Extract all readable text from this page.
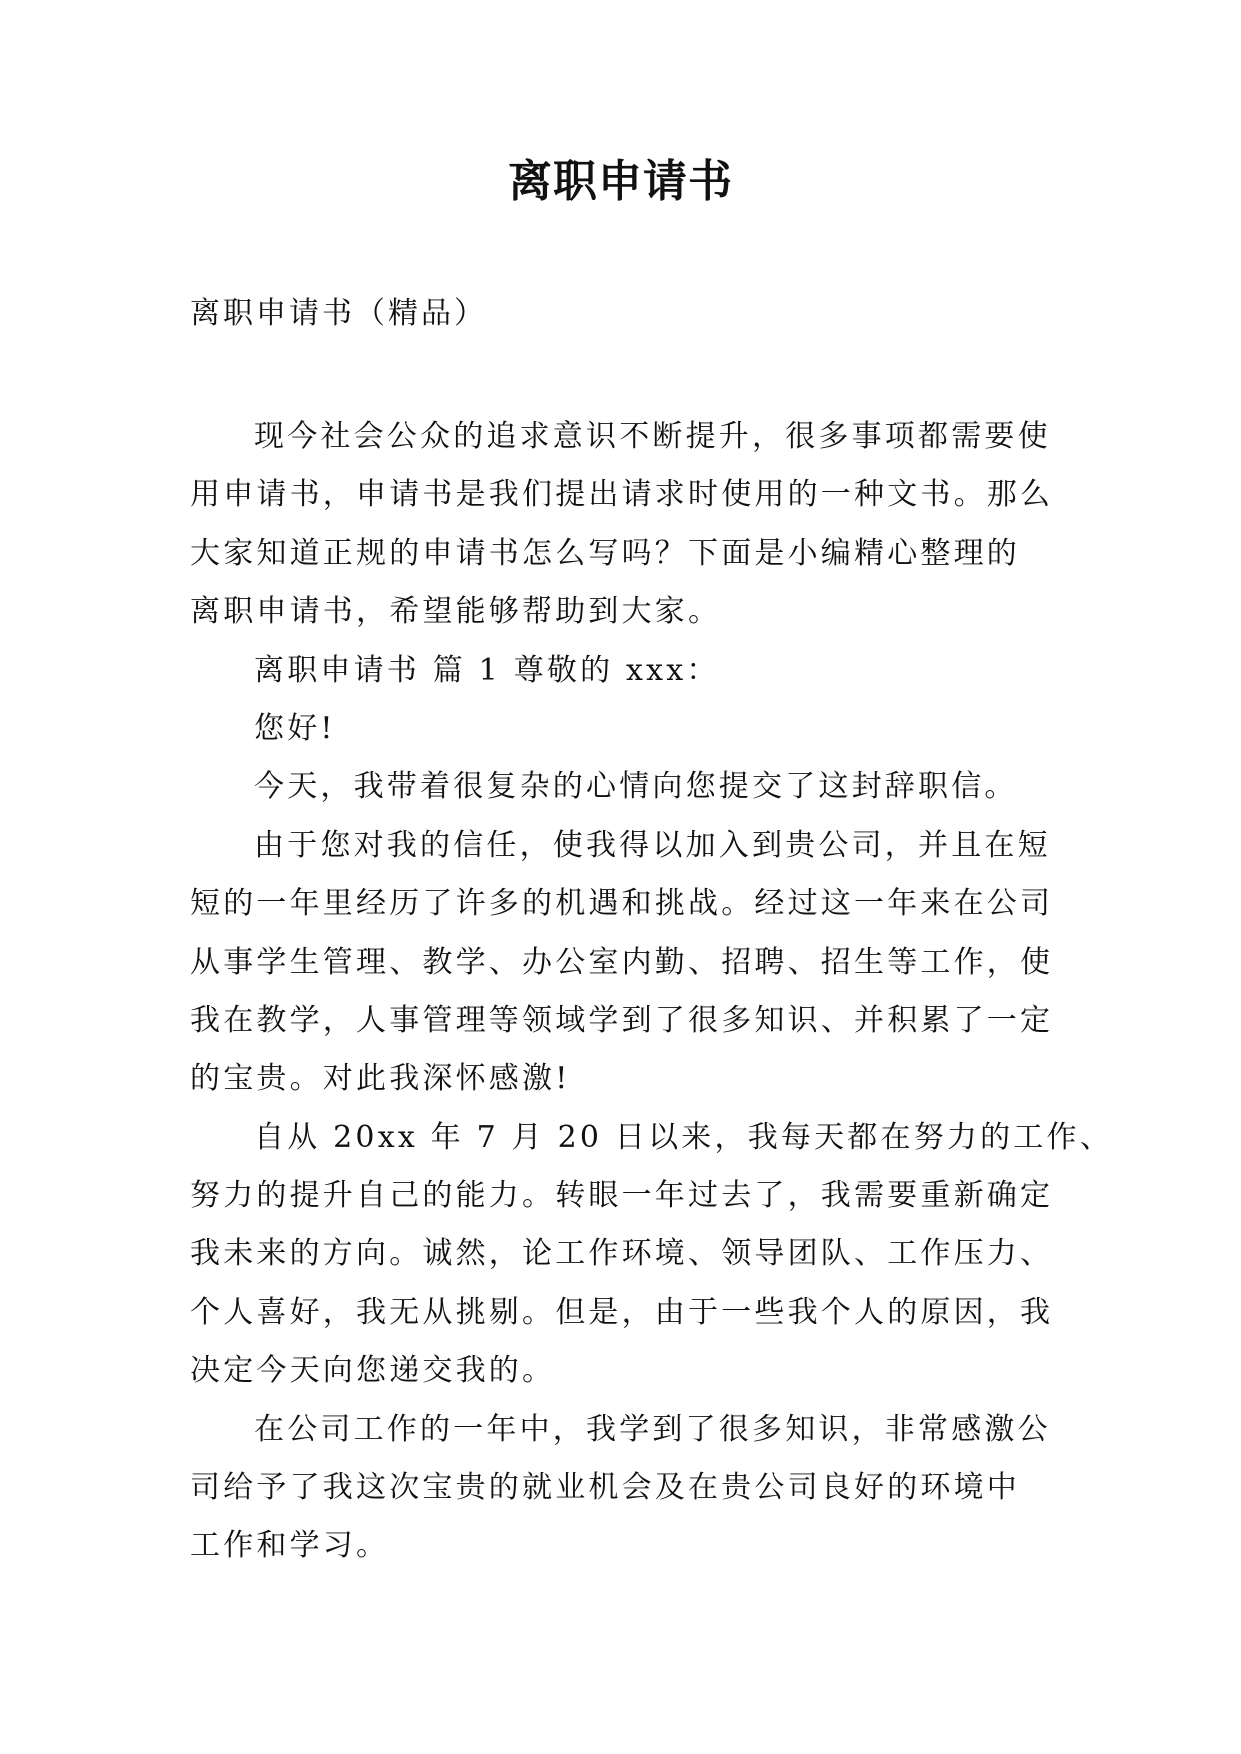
离职申请书

离职申请书（精品）

现今社会公众的追求意识不断提升，很多事项都需要使
用申请书，申请书是我们提出请求时使用的一种文书。那么
大家知道正规的申请书怎么写吗？下面是小编精心整理的
离职申请书，希望能够帮助到大家。
离职申请书 篇 1 尊敬的 xxx：
您好!
今天，我带着很复杂的心情向您提交了这封辞职信。
由于您对我的信任，使我得以加入到贵公司，并且在短
短的一年里经历了许多的机遇和挑战。经过这一年来在公司
从事学生管理、教学、办公室内勤、招聘、招生等工作，使
我在教学，人事管理等领域学到了很多知识、并积累了一定
的宝贵。对此我深怀感激!
自从 20xx 年 7 月 20 日以来，我每天都在努力的工作、
努力的提升自己的能力。转眼一年过去了，我需要重新确定
我未来的方向。诚然，论工作环境、领导团队、工作压力、
个人喜好，我无从挑剔。但是，由于一些我个人的原因，我
决定今天向您递交我的。
在公司工作的一年中，我学到了很多知识，非常感激公
司给予了我这次宝贵的就业机会及在贵公司良好的环境中
工作和学习。
